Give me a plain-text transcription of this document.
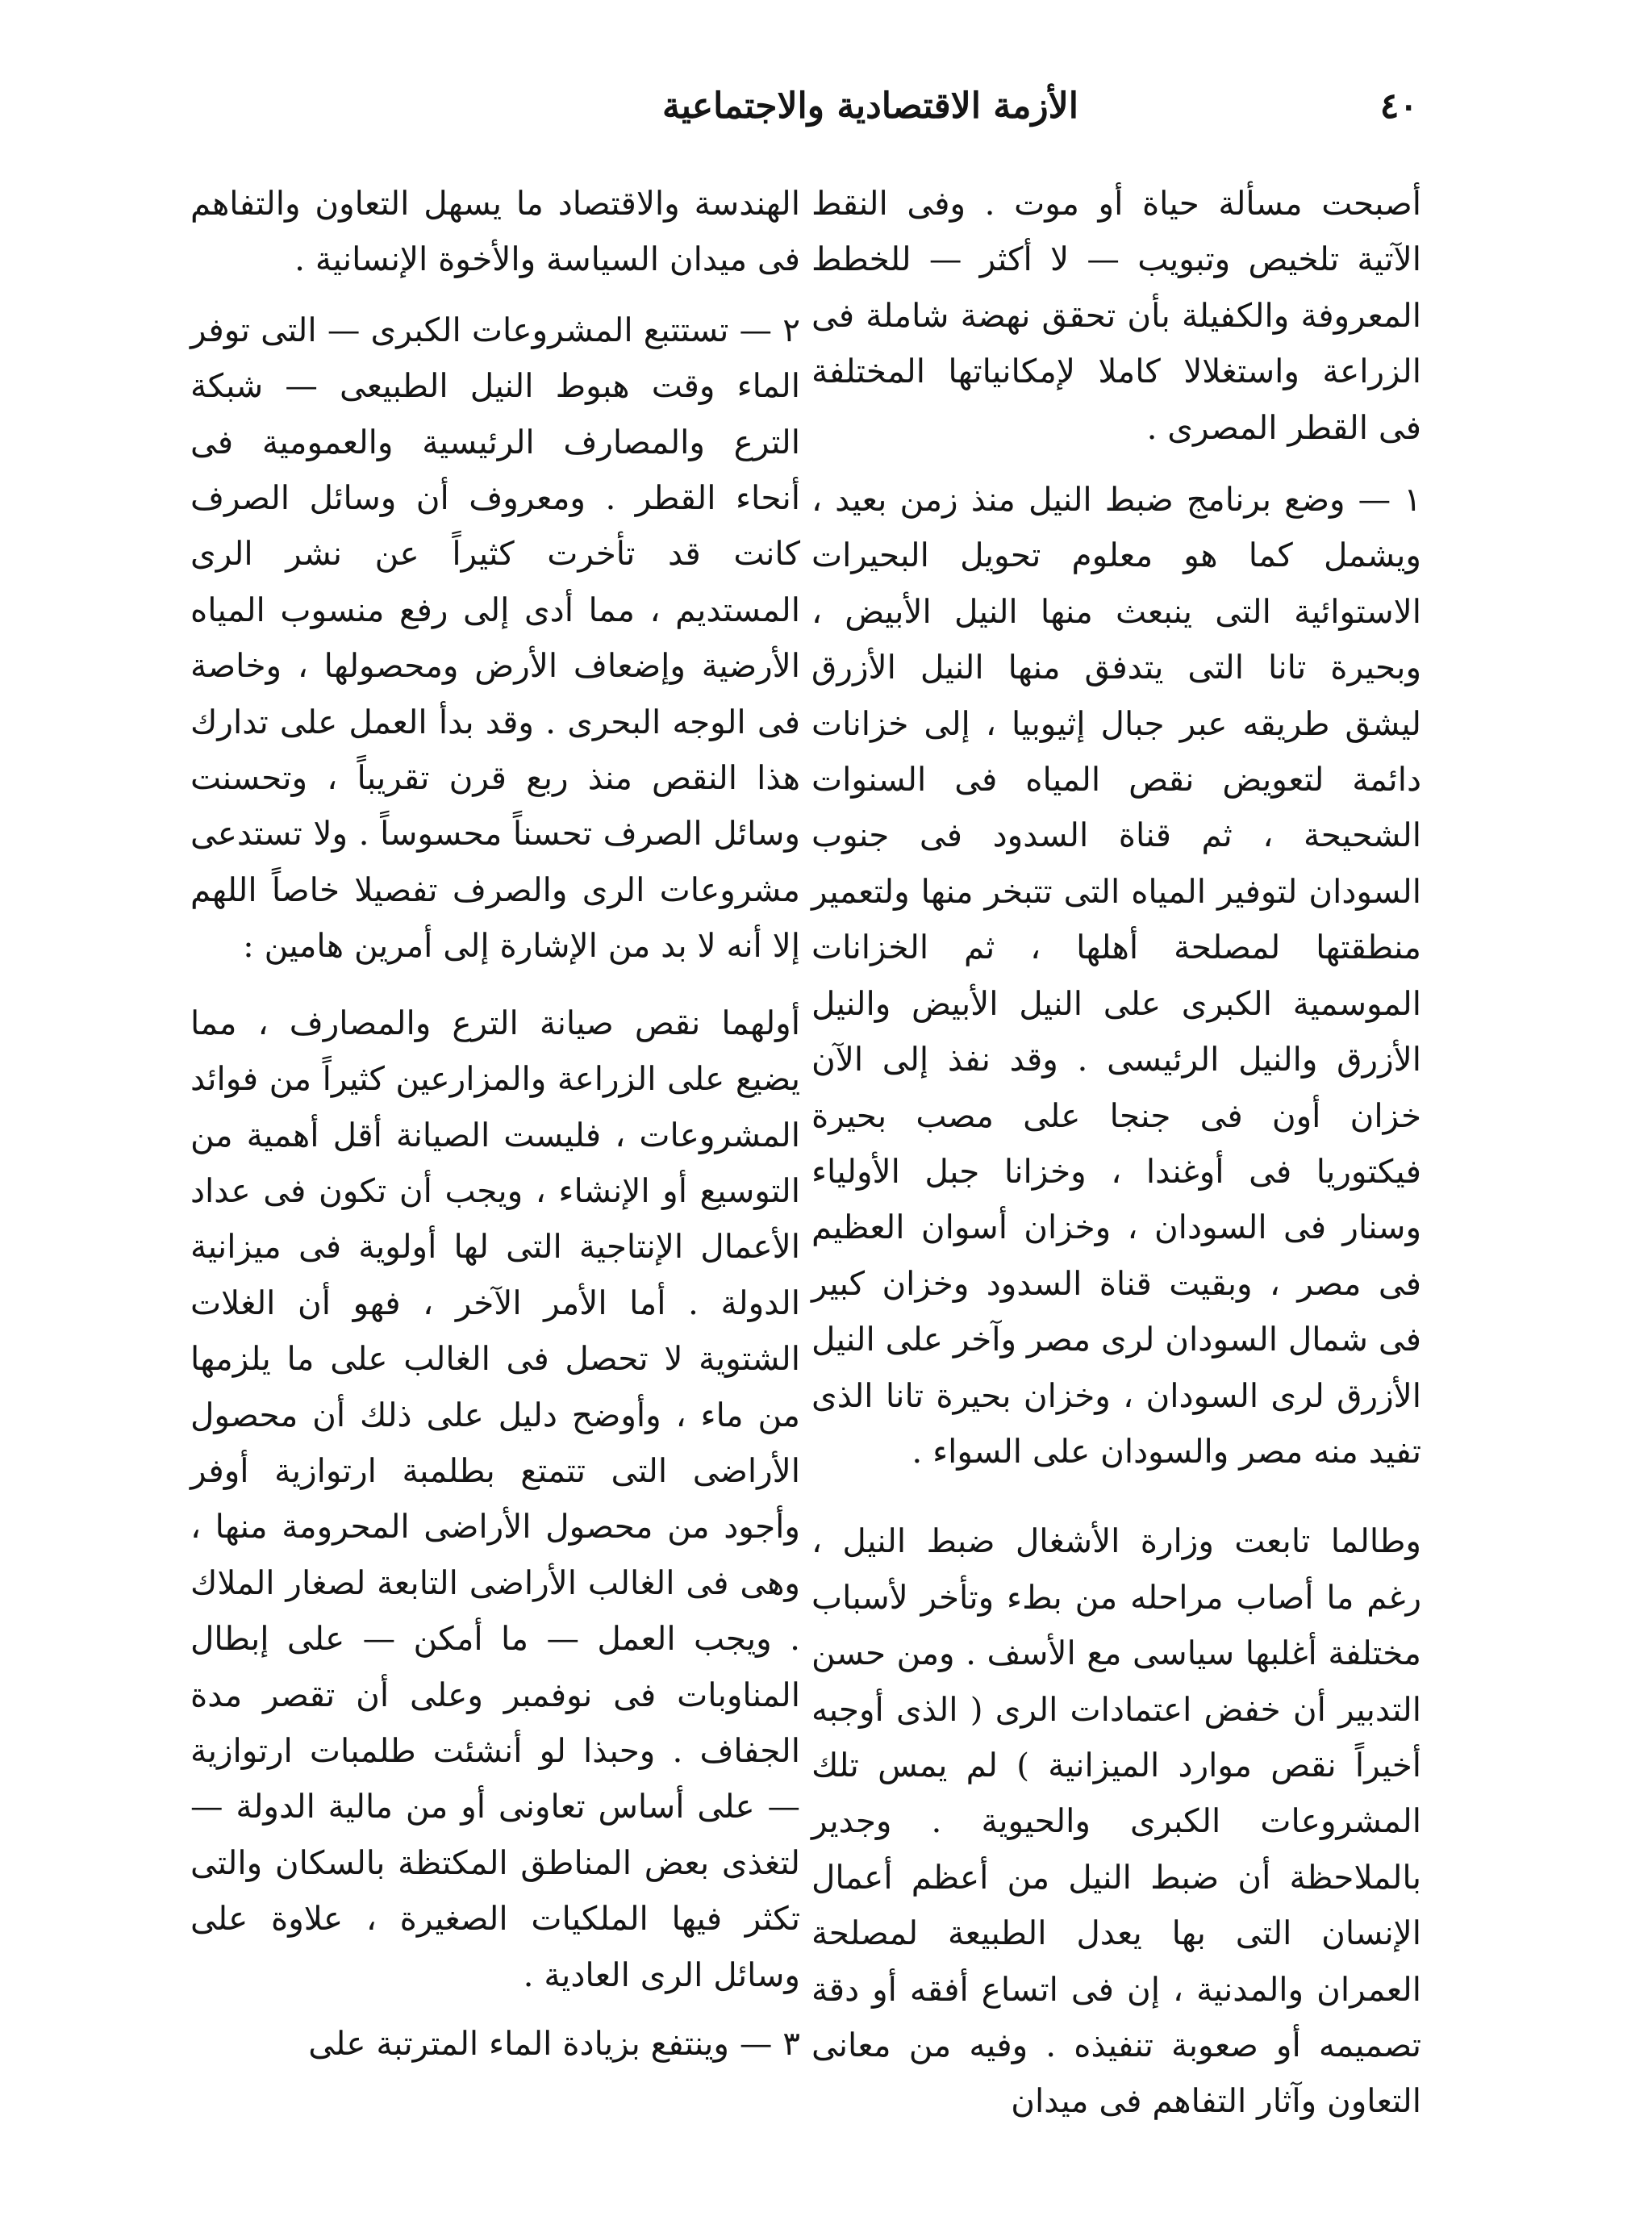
٤٠
الأزمة الاقتصادية والاجتماعية

أصبحت مسألة حياة أو موت . وفى النقط الآتية تلخيص وتبويب — لا أكثر — للخطط المعروفة والكفيلة بأن تحقق نهضة شاملة فى الزراعة واستغلالا كاملا لإمكانياتها المختلفة فى القطر المصرى .

١ — وضع برنامج ضبط النيل منذ زمن بعيد ، ويشمل كما هو معلوم تحويل البحيرات الاستوائية التى ينبعث منها النيل الأبيض ، وبحيرة تانا التى يتدفق منها النيل الأزرق ليشق طريقه عبر جبال إثيوبيا ، إلى خزانات دائمة لتعويض نقص المياه فى السنوات الشحيحة ، ثم قناة السدود فى جنوب السودان لتوفير المياه التى تتبخر منها ولتعمير منطقتها لمصلحة أهلها ، ثم الخزانات الموسمية الكبرى على النيل الأبيض والنيل الأزرق والنيل الرئيسى . وقد نفذ إلى الآن خزان أون فى جنجا على مصب بحيرة فيكتوريا فى أوغندا ، وخزانا جبل الأولياء وسنار فى السودان ، وخزان أسوان العظيم فى مصر ، وبقيت قناة السدود وخزان كبير فى شمال السودان لرى مصر وآخر على النيل الأزرق لرى السودان ، وخزان بحيرة تانا الذى تفيد منه مصر والسودان على السواء .

وطالما تابعت وزارة الأشغال ضبط النيل ، رغم ما أصاب مراحله من بطء وتأخر لأسباب مختلفة أغلبها سياسى مع الأسف . ومن حسن التدبير أن خفض اعتمادات الرى ( الذى أوجبه أخيراً نقص موارد الميزانية ) لم يمس تلك المشروعات الكبرى والحيوية . وجدير بالملاحظة أن ضبط النيل من أعظم أعمال الإنسان التى بها يعدل الطبيعة لمصلحة العمران والمدنية ، إن فى اتساع أفقه أو دقة تصميمه أو صعوبة تنفيذه . وفيه من معانى التعاون وآثار التفاهم فى ميدان

الهندسة والاقتصاد ما يسهل التعاون والتفاهم فى ميدان السياسة والأخوة الإنسانية .

٢ — تستتبع المشروعات الكبرى — التى توفر الماء وقت هبوط النيل الطبيعى — شبكة الترع والمصارف الرئيسية والعمومية فى أنحاء القطر . ومعروف أن وسائل الصرف كانت قد تأخرت كثيراً عن نشر الرى المستديم ، مما أدى إلى رفع منسوب المياه الأرضية وإضعاف الأرض ومحصولها ، وخاصة فى الوجه البحرى . وقد بدأ العمل على تدارك هذا النقص منذ ربع قرن تقريباً ، وتحسنت وسائل الصرف تحسناً محسوساً . ولا تستدعى مشروعات الرى والصرف تفصيلا خاصاً اللهم إلا أنه لا بد من الإشارة إلى أمرين هامين :

أولهما نقص صيانة الترع والمصارف ، مما يضيع على الزراعة والمزارعين كثيراً من فوائد المشروعات ، فليست الصيانة أقل أهمية من التوسيع أو الإنشاء ، ويجب أن تكون فى عداد الأعمال الإنتاجية التى لها أولوية فى ميزانية الدولة . أما الأمر الآخر ، فهو أن الغلات الشتوية لا تحصل فى الغالب على ما يلزمها من ماء ، وأوضح دليل على ذلك أن محصول الأراضى التى تتمتع بطلمبة ارتوازية أوفر وأجود من محصول الأراضى المحرومة منها ، وهى فى الغالب الأراضى التابعة لصغار الملاك . ويجب العمل — ما أمكن — على إبطال المناوبات فى نوفمبر وعلى أن تقصر مدة الجفاف . وحبذا لو أنشئت طلمبات ارتوازية — على أساس تعاونى أو من مالية الدولة — لتغذى بعض المناطق المكتظة بالسكان والتى تكثر فيها الملكيات الصغيرة ، علاوة على وسائل الرى العادية .

٣ — وينتفع بزيادة الماء المترتبة على
